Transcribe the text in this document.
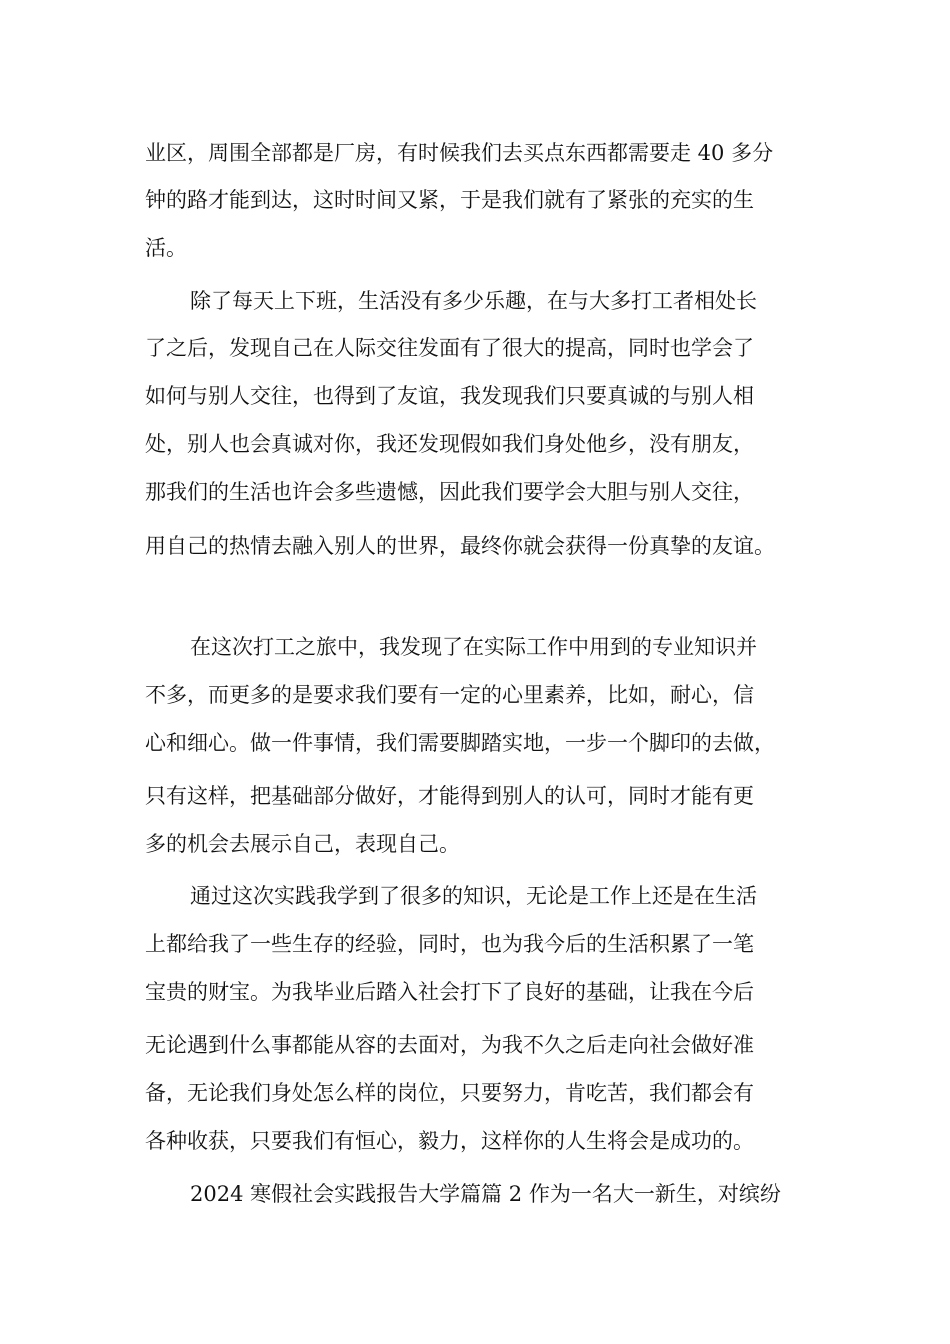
业区，周围全部都是厂房，有时候我们去买点东西都需要走 40 多分
钟的路才能到达，这时时间又紧，于是我们就有了紧张的充实的生
活。
除了每天上下班，生活没有多少乐趣，在与大多打工者相处长
了之后，发现自己在人际交往发面有了很大的提高，同时也学会了
如何与别人交往，也得到了友谊，我发现我们只要真诚的与别人相
处，别人也会真诚对你，我还发现假如我们身处他乡，没有朋友，
那我们的生活也许会多些遗憾，因此我们要学会大胆与别人交往，
用自己的热情去融入别人的世界，最终你就会获得一份真挚的友谊。
在这次打工之旅中，我发现了在实际工作中用到的专业知识并
不多，而更多的是要求我们要有一定的心里素养，比如，耐心，信
心和细心。做一件事情，我们需要脚踏实地，一步一个脚印的去做，
只有这样，把基础部分做好，才能得到别人的认可，同时才能有更
多的机会去展示自己，表现自己。
通过这次实践我学到了很多的知识，无论是工作上还是在生活
上都给我了一些生存的经验，同时，也为我今后的生活积累了一笔
宝贵的财宝。为我毕业后踏入社会打下了良好的基础，让我在今后
无论遇到什么事都能从容的去面对，为我不久之后走向社会做好准
备，无论我们身处怎么样的岗位，只要努力，肯吃苦，我们都会有
各种收获，只要我们有恒心，毅力，这样你的人生将会是成功的。
2024 寒假社会实践报告大学篇篇 2 作为一名大一新生，对缤纷
